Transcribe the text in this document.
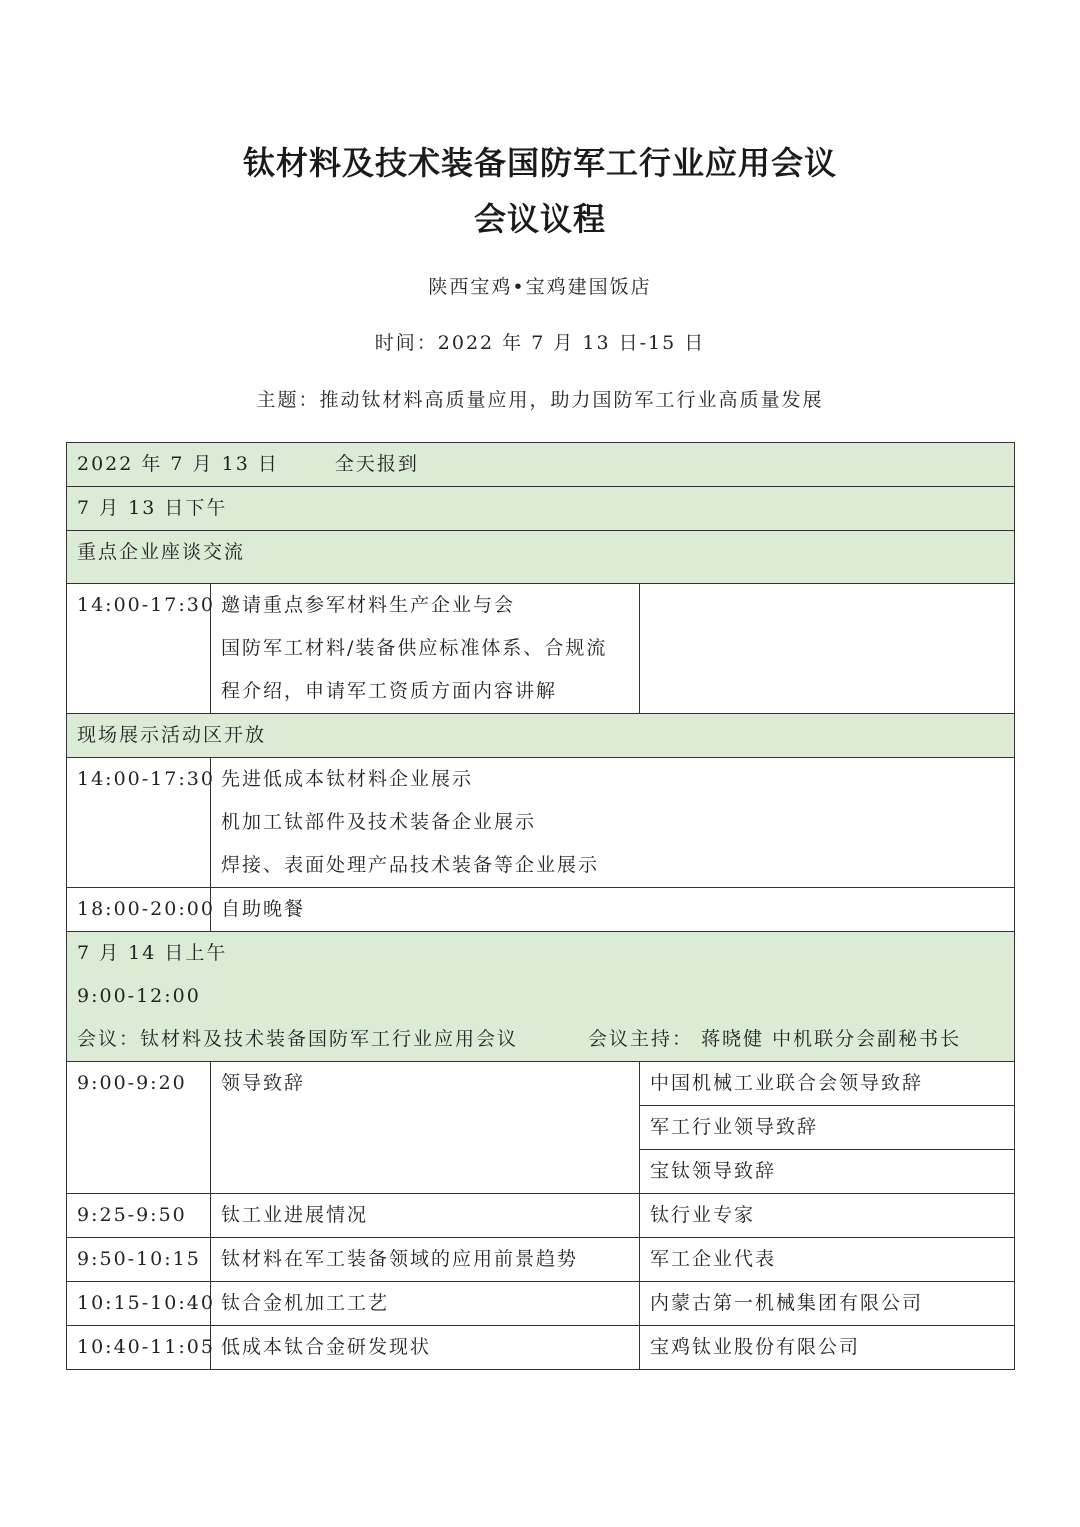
钛材料及技术装备国防军工行业应用会议
会议议程
陕西宝鸡•宝鸡建国饭店
时间：2022 年 7 月 13 日-15 日
主题：推动钛材料高质量应用，助力国防军工行业高质量发展
2022 年 7 月 13 日 全天报到		

7 月 13 日下午		

重点企业座谈交流		

14:00-17:30	邀请重点参军材料生产企业与会
国防军工材料/装备供应标准体系、合规流
程介绍，申请军工资质方面内容讲解	

现场展示活动区开放		

14:00-17:30	先进低成本钛材料企业展示
机加工钛部件及技术装备企业展示
焊接、表面处理产品技术装备等企业展示	

18:00-20:00	自助晚餐	

7 月 14 日上午
9:00-12:00
会议：钛材料及技术装备国防军工行业应用会议 会议主持： 蒋晓健 中机联分会副秘书长		

9:00-9:20	领导致辞	中国机械工业联合会领导致辞

		军工行业领导致辞

		宝钛领导致辞

9:25-9:50	钛工业进展情况	钛行业专家

9:50-10:15	钛材料在军工装备领域的应用前景趋势	军工企业代表

10:15-10:40	钛合金机加工工艺	内蒙古第一机械集团有限公司

10:40-11:05	低成本钛合金研发现状	宝鸡钛业股份有限公司
